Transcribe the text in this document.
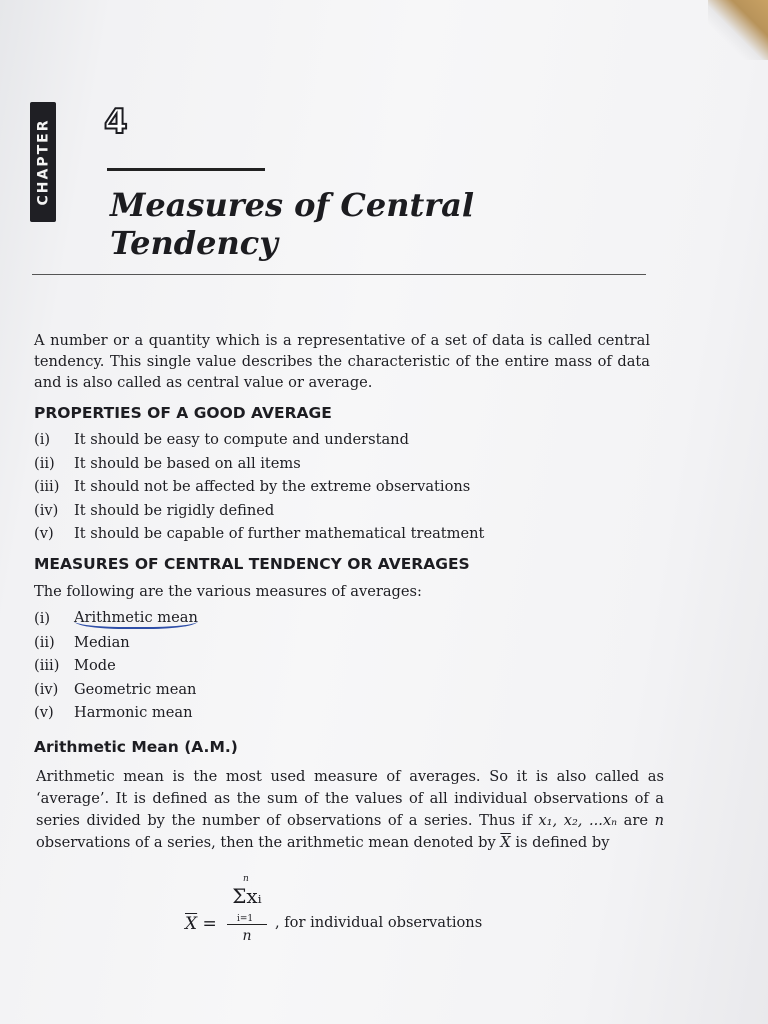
CHAPTER 4
Measures of Central
Tendency

A number or a quantity which is a representative of a set of data is called central tendency. This single value describes the characteristic of the entire mass of data and is also called as central value or average.

PROPERTIES OF A GOOD AVERAGE
(i)	It should be easy to compute and understand
(ii)	It should be based on all items
(iii)	It should not be affected by the extreme observations
(iv)	It should be rigidly defined
(v)	It should be capable of further mathematical treatment
MEASURES OF CENTRAL TENDENCY OR AVERAGES

The following are the various measures of averages:

(i)	Arithmetic mean
(ii)	Median
(iii)	Mode
(iv)	Geometric mean
(v)	Harmonic mean
Arithmetic Mean (A.M.)

Arithmetic mean is the most used measure of averages. So it is also called as ‘average’. It is defined as the sum of the values of all individual observations of a series divided by the number of observations of a series. Thus if x₁, x₂, ...xₙ are n observations of a series, then the arithmetic mean denoted by $\overline{X}$ is defined by

$\overline{X}$ =
n
Σxᵢ
i=1
n
, for individual observations
